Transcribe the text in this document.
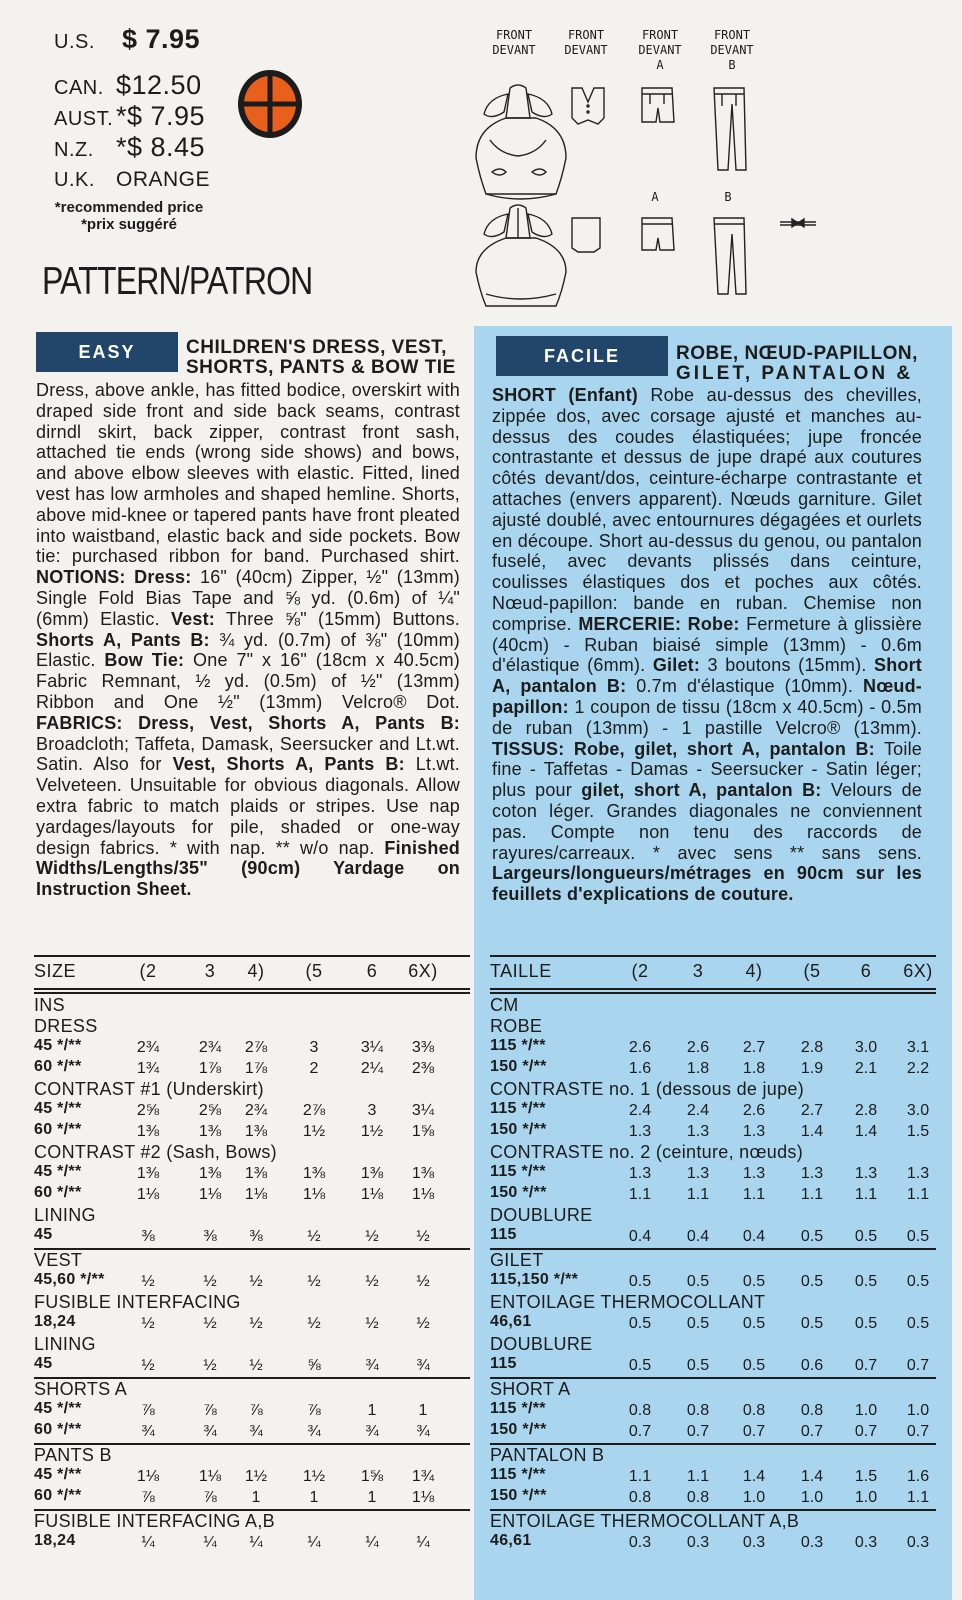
U.S.	$ 7.95
CAN. $12.50
AUST. *$ 7.95
N.Z. *$ 8.45
U.K.	ORANGE
*recommended price
*prix suggéré
PATTERN/PATRON
FRONT
DEVANT
FRONT
DEVANT
FRONT
DEVANT
A
FRONT
DEVANT
B
A	B
EASY	CHILDREN'S DRESS, VEST,
SHORTS, PANTS & BOW TIE
Dress, above ankle, has fitted bodice, overskirt with draped side front and side back seams, contrast dirndl skirt, back zipper, contrast front sash, attached tie ends (wrong side shows) and bows, and above elbow sleeves with elastic. Fitted, lined vest has low armholes and shaped hemline. Shorts, above mid-knee or tapered pants have front pleated into waistband, elastic back and side pockets. Bow tie: purchased ribbon for band. Purchased shirt. NOTIONS: Dress: 16" (40cm) Zipper, ½" (13mm) Single Fold Bias Tape and ⅝ yd. (0.6m) of ¼" (6mm) Elastic. Vest: Three ⅝" (15mm) Buttons. Shorts A, Pants B: ¾ yd. (0.7m) of ⅜" (10mm) Elastic. Bow Tie: One 7" x 16" (18cm x 40.5cm) Fabric Remnant, ½ yd. (0.5m) of ½" (13mm) Ribbon and One ½" (13mm) Velcro® Dot. FABRICS: Dress, Vest, Shorts A, Pants B: Broadcloth; Taffeta, Damask, Seersucker and Lt.wt. Satin. Also for Vest, Shorts A, Pants B: Lt.wt. Velveteen. Unsuitable for obvious diagonals. Allow extra fabric to match plaids or stripes. Use nap yardages/layouts for pile, shaded or one-way design fabrics. * with nap. ** w/o nap. Finished Widths/Lengths/35" (90cm) Yardage on Instruction Sheet.
FACILE	ROBE, NŒUD-PAPILLON,
GILET, PANTALON &
SHORT (Enfant) Robe au-dessus des chevilles, zippée dos, avec corsage ajusté et manches au-dessus des coudes élastiquées; jupe froncée contrastante et dessus de jupe drapé aux coutures côtés devant/dos, ceinture-écharpe contrastante et attaches (envers apparent). Nœuds garniture. Gilet ajusté doublé, avec entournures dégagées et ourlets en découpe. Short au-dessus du genou, ou pantalon fuselé, avec devants plissés dans ceinture, coulisses élastiques dos et poches aux côtés. Nœud-papillon: bande en ruban. Chemise non comprise. MERCERIE: Robe: Fermeture à glissière (40cm) - Ruban biaisé simple (13mm) - 0.6m d'élastique (6mm). Gilet: 3 boutons (15mm). Short A, pantalon B: 0.7m d'élastique (10mm). Nœud-papillon: 1 coupon de tissu (18cm x 40.5cm) - 0.5m de ruban (13mm) - 1 pastille Velcro® (13mm). TISSUS: Robe, gilet, short A, pantalon B: Toile fine - Taffetas - Damas - Seersucker - Satin léger; plus pour gilet, short A, pantalon B: Velours de coton léger. Grandes diagonales ne conviennent pas. Compte non tenu des raccords de rayures/carreaux. * avec sens ** sans sens. Largeurs/longueurs/métrages en 90cm sur les feuillets d'explications de couture.
SIZE	(2	3	4)	(5	6	6X)
INS
DRESS
45 */**	2¾	2¾	2⅞	3	3¼	3⅜
60 */**	1¾	1⅞	1⅞	2	2¼	2⅜
CONTRAST #1 (Underskirt)
45 */**	2⅝	2⅝	2¾	2⅞	3	3¼
60 */**	1⅜	1⅜	1⅜	1½	1½	1⅝
CONTRAST #2 (Sash, Bows)
45 */**	1⅜	1⅜	1⅜	1⅜	1⅜	1⅜
60 */**	1⅛	1⅛	1⅛	1⅛	1⅛	1⅛
LINING
45	⅜	⅜	⅜	½	½	½
VEST
45,60 */**	½	½	½	½	½	½
FUSIBLE INTERFACING
18,24	½	½	½	½	½	½
LINING
45	½	½	½	⅝	¾	¾
SHORTS A
45 */**	⅞	⅞	⅞	⅞	1	1
60 */**	¾	¾	¾	¾	¾	¾
PANTS B
45 */**	1⅛	1⅛	1½	1½	1⅝	1¾
60 */**	⅞	⅞	1	1	1	1⅛
FUSIBLE INTERFACING A,B
18,24	¼	¼	¼	¼	¼	¼
TAILLE	(2	3	4)	(5	6	6X)
CM
ROBE
115 */**	2.6	2.6	2.7	2.8	3.0	3.1
150 */**	1.6	1.8	1.8	1.9	2.1	2.2
CONTRASTE no. 1 (dessous de jupe)
115 */**	2.4	2.4	2.6	2.7	2.8	3.0
150 */**	1.3	1.3	1.3	1.4	1.4	1.5
CONTRASTE no. 2 (ceinture, nœuds)
115 */**	1.3	1.3	1.3	1.3	1.3	1.3
150 */**	1.1	1.1	1.1	1.1	1.1	1.1
DOUBLURE
115	0.4	0.4	0.4	0.5	0.5	0.5
GILET
115,150 */**	0.5	0.5	0.5	0.5	0.5	0.5
ENTOILAGE THERMOCOLLANT
46,61	0.5	0.5	0.5	0.5	0.5	0.5
DOUBLURE
115	0.5	0.5	0.5	0.6	0.7	0.7
SHORT A
115 */**	0.8	0.8	0.8	0.8	1.0	1.0
150 */**	0.7	0.7	0.7	0.7	0.7	0.7
PANTALON B
115 */**	1.1	1.1	1.4	1.4	1.5	1.6
150 */**	0.8	0.8	1.0	1.0	1.0	1.1
ENTOILAGE THERMOCOLLANT A,B
46,61	0.3	0.3	0.3	0.3	0.3	0.3
